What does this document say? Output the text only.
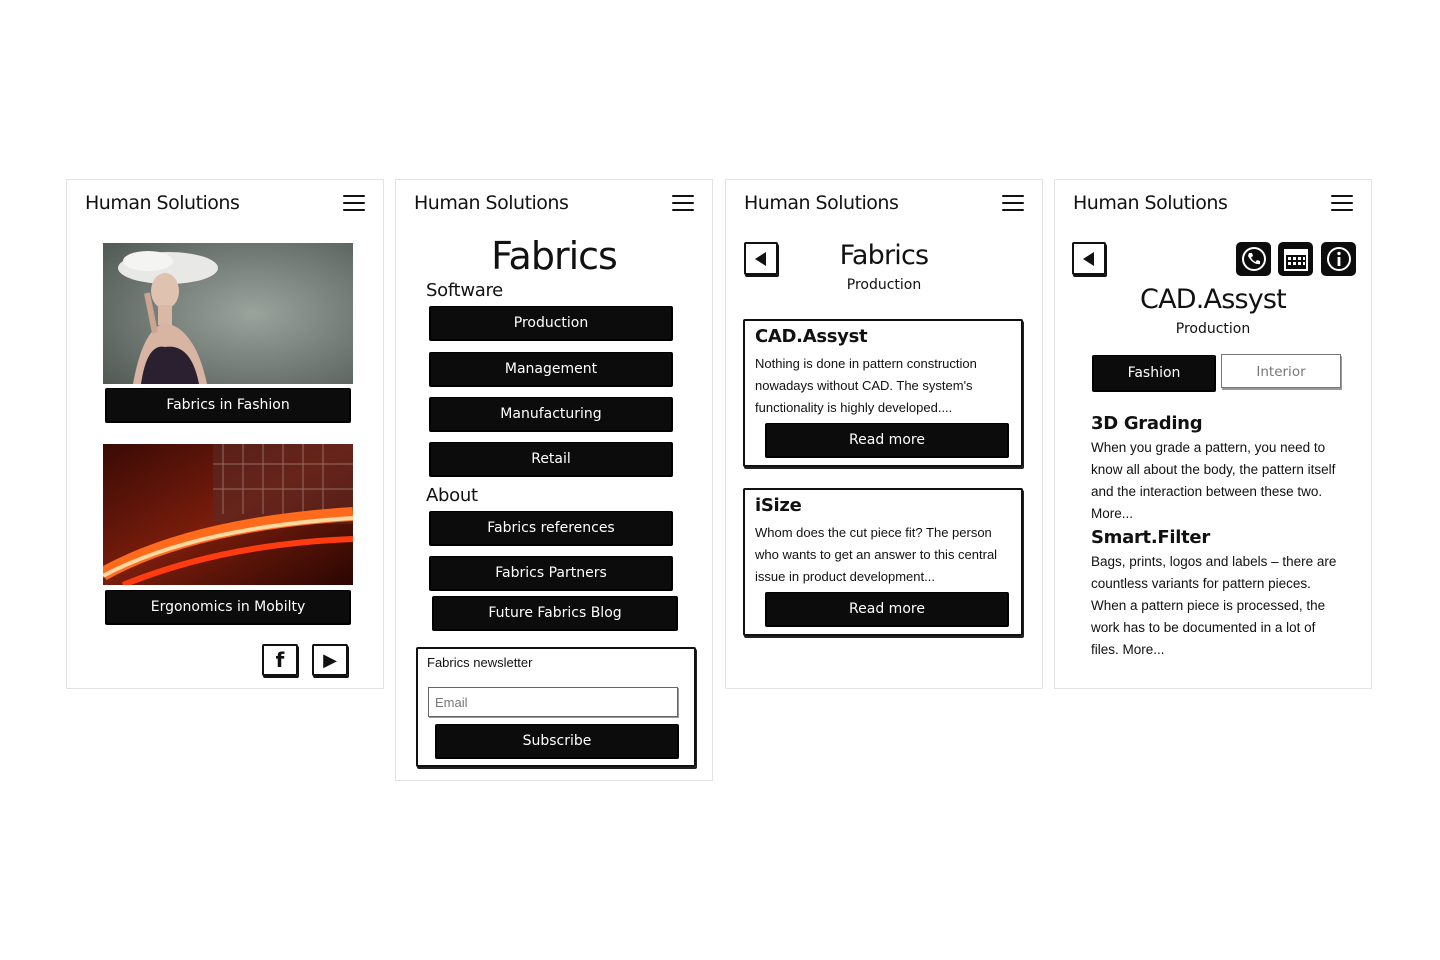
Human Solutions
Fabrics in Fashion
Ergonomics in Mobilty
f	▶
Human Solutions
Fabrics
Software
Production
Management
Manufacturing
Retail
About
Fabrics references
Fabrics Partners
Future Fabrics Blog
Fabrics newsletter
Email
Subscribe
Human Solutions
Fabrics
Production
CAD.Assyst
Nothing is done in pattern construction nowadays without CAD. The system's functionality is highly developed....
Read more
iSize
Whom does the cut piece fit? The person who wants to get an answer to this central issue in product development...
Read more
Human Solutions
CAD.Assyst
Production
Fashion	Interior
3D Grading
When you grade a pattern, you need to know all about the body, the pattern itself and the interaction between these two. More...
Smart.Filter
Bags, prints, logos and labels – there are countless variants for pattern pieces. When a pattern piece is processed, the work has to be documented in a lot of files. More...
